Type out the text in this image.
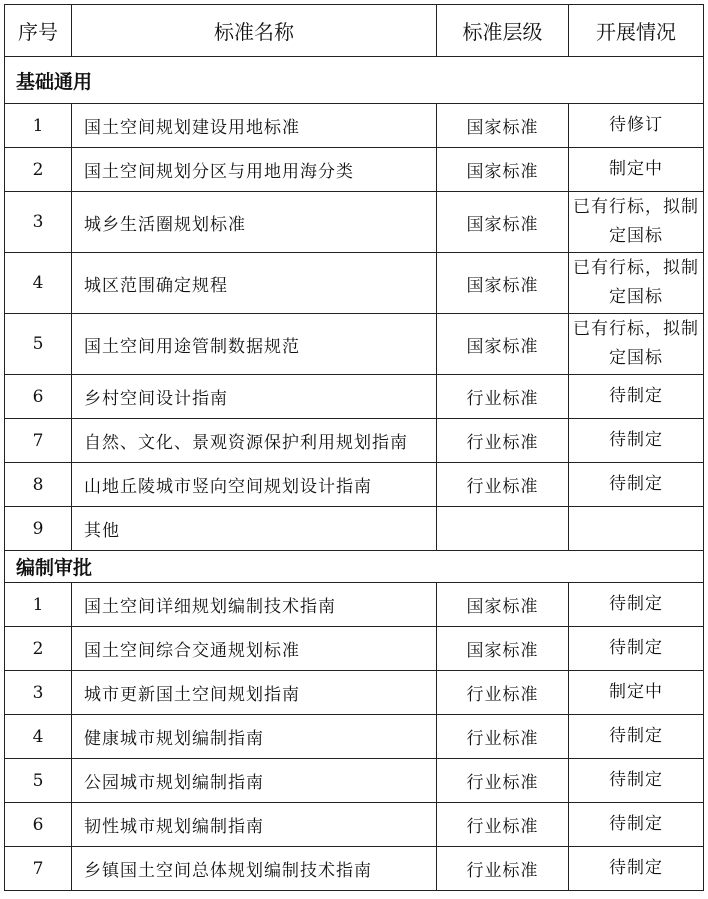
序号	标准名称	标准层级	开展情况
基础通用			
1	国土空间规划建设用地标准	国家标准	待修订
2	国土空间规划分区与用地用海分类	国家标准	制定中
3	城乡生活圈规划标准	国家标准	已有行标，拟制定国标
4	城区范围确定规程	国家标准	已有行标，拟制定国标
5	国土空间用途管制数据规范	国家标准	已有行标，拟制定国标
6	乡村空间设计指南	行业标准	待制定
7	自然、文化、景观资源保护利用规划指南	行业标准	待制定
8	山地丘陵城市竖向空间规划设计指南	行业标准	待制定
9	其他		
编制审批			
1	国土空间详细规划编制技术指南	国家标准	待制定
2	国土空间综合交通规划标准	国家标准	待制定
3	城市更新国土空间规划指南	行业标准	制定中
4	健康城市规划编制指南	行业标准	待制定
5	公园城市规划编制指南	行业标准	待制定
6	韧性城市规划编制指南	行业标准	待制定
7	乡镇国土空间总体规划编制技术指南	行业标准	待制定
